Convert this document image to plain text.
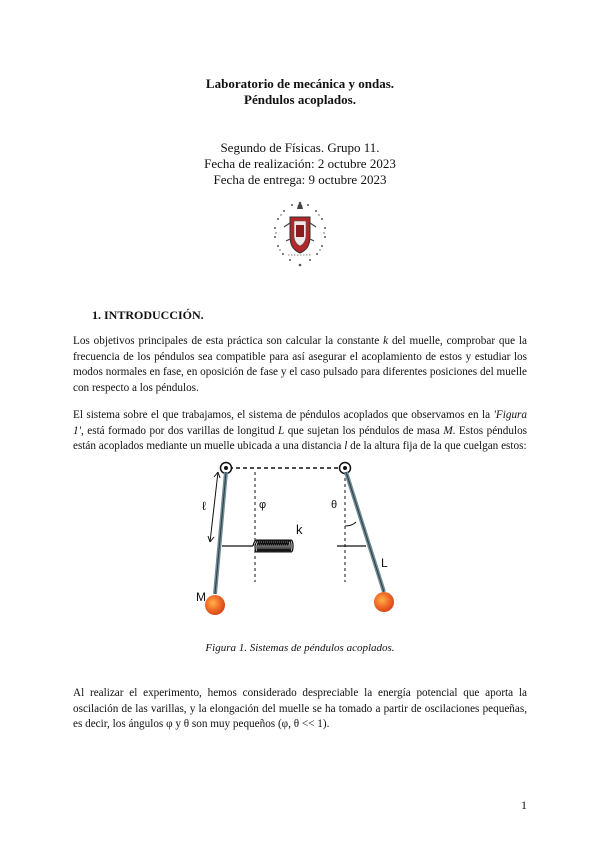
Laboratorio de mecánica y ondas.
Péndulos acoplados.
Segundo de Físicas. Grupo 11.
Fecha de realización: 2 octubre 2023
Fecha de entrega: 9 octubre 2023
1. INTRODUCCIÓN.
Los objetivos principales de esta práctica son calcular la constante k del muelle, comprobar que la frecuencia de los péndulos sea compatible para así asegurar el acoplamiento de estos y estudiar los modos normales en fase, en oposición de fase y el caso pulsado para diferentes posiciones del muelle con respecto a los péndulos.
El sistema sobre el que trabajamos, el sistema de péndulos acoplados que observamos en la 'Figura 1', está formado por dos varillas de longitud L que sujetan los péndulos de masa M. Estos péndulos están acoplados mediante un muelle ubicada a una distancia l de la altura fija de la que cuelgan estos:
ℓ	φ	θ
k
L
M
Figura 1. Sistemas de péndulos acoplados.
Al realizar el experimento, hemos considerado despreciable la energía potencial que aporta la oscilación de las varillas, y la elongación del muelle se ha tomado a partir de oscilaciones pequeñas, es decir, los ángulos φ y θ son muy pequeños (φ, θ << 1).
1
